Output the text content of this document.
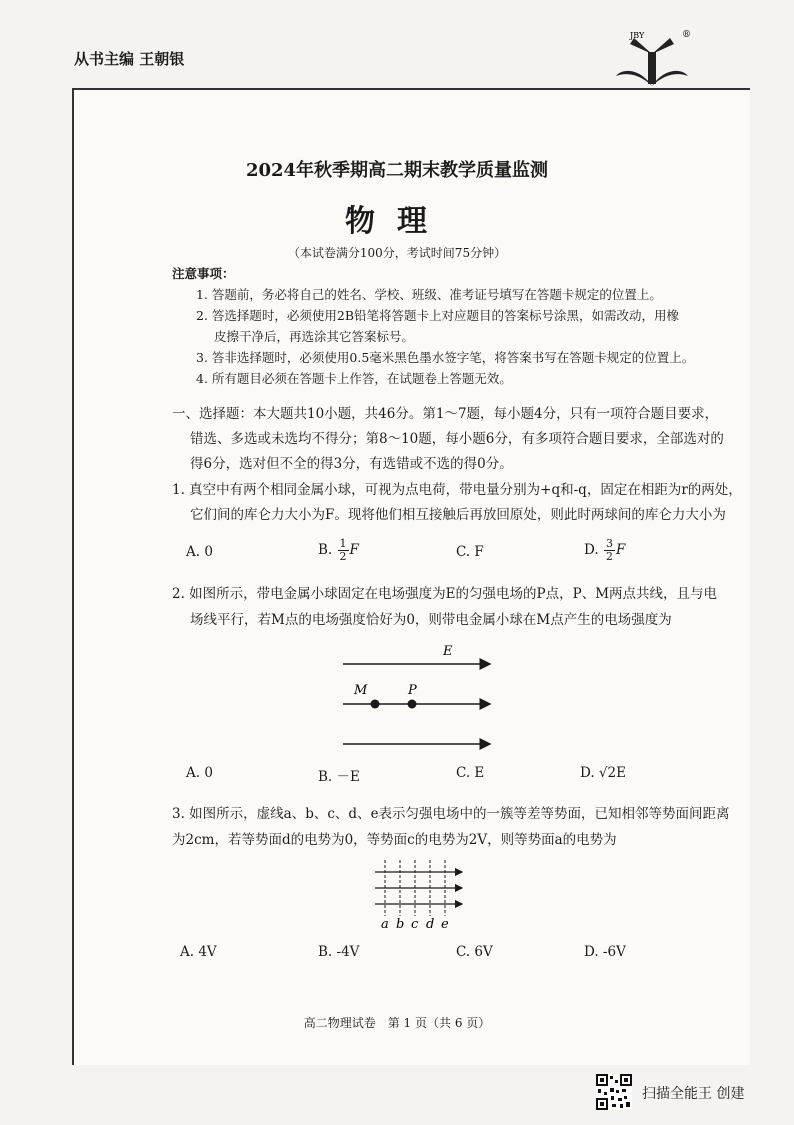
从书主编 王朝银
JBY	®
2024年秋季期高二期末教学质量监测
物理
（本试卷满分100分，考试时间75分钟）
注意事项：
1. 答题前，务必将自己的姓名、学校、班级、准考证号填写在答题卡规定的位置上。
2. 答选择题时，必须使用2B铅笔将答题卡上对应题目的答案标号涂黑，如需改动，用橡
皮擦干净后，再选涂其它答案标号。
3. 答非选择题时，必须使用0.5毫米黑色墨水签字笔，将答案书写在答题卡规定的位置上。
4. 所有题目必须在答题卡上作答，在试题卷上答题无效。
一、选择题：本大题共10小题，共46分。第1～7题，每小题4分，只有一项符合题目要求，
错选、多选或未选均不得分；第8～10题，每小题6分，有多项符合题目要求，全部选对的
得6分，选对但不全的得3分，有选错或不选的得0分。
1. 真空中有两个相同金属小球，可视为点电荷，带电量分别为+q和-q，固定在相距为r的两处，
它们间的库仑力大小为F。现将他们相互接触后再放回原处，则此时两球间的库仑力大小为
A. 0	B. $\frac{1}{2}$ F	C. F	D. $\frac{3}{2}$ F
2. 如图所示，带电金属小球固定在电场强度为E的匀强电场的P点，P、M两点共线，且与电
场线平行，若M点的电场强度恰好为0，则带电金属小球在M点产生的电场强度为
E
M	P
A. 0	B. －E	C. E	D. √2E
3. 如图所示，虚线a、b、c、d、e表示匀强电场中的一簇等差等势面，已知相邻等势面间距离
为2cm，若等势面d的电势为0，等势面c的电势为2V，则等势面a的电势为
a b c d e
A. 4V	B. -4V	C. 6V	D. -6V
高二物理试卷　第 1 页（共 6 页）
扫描全能王 创建
